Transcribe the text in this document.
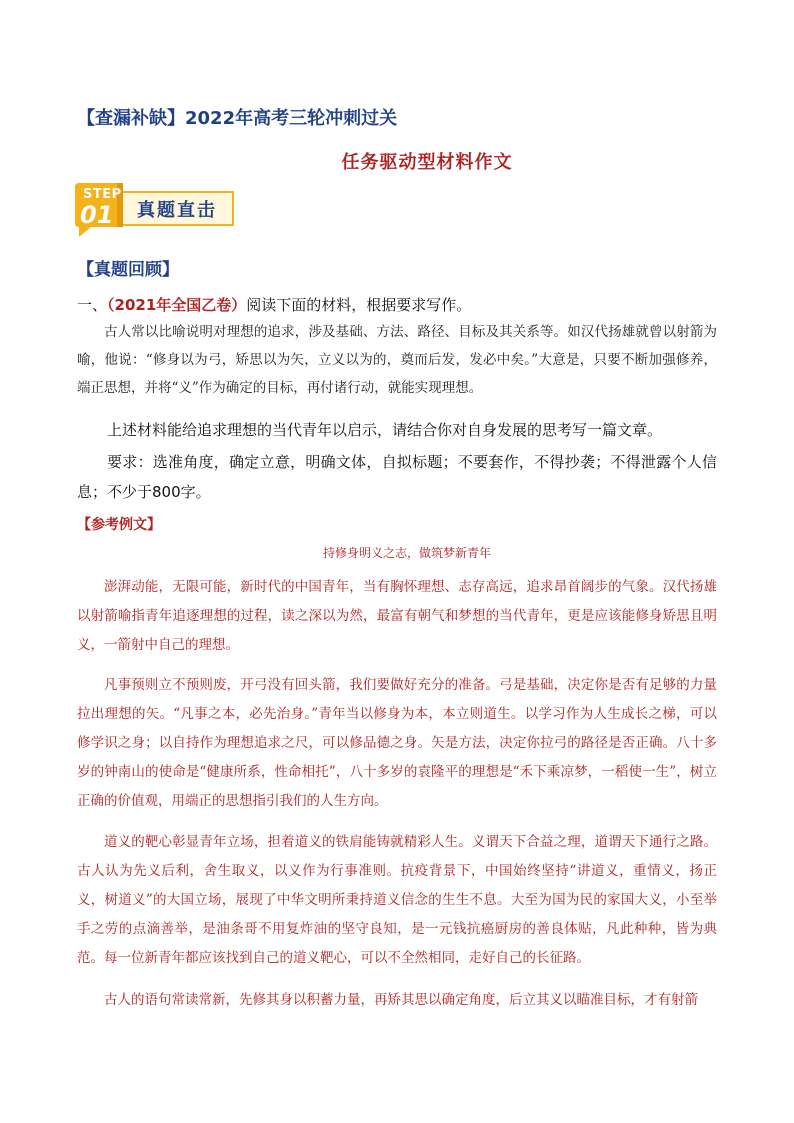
【查漏补缺】2022年高考三轮冲刺过关
任务驱动型材料作文
STEP
01 真题直击
【真题回顾】
一、（2021年全国乙卷）阅读下面的材料，根据要求写作。

古人常以比喻说明对理想的追求，涉及基础、方法、路径、目标及其关系等。如汉代扬雄就曾以射箭为喻，他说：“修身以为弓，矫思以为矢，立义以为的，奠而后发，发必中矣。”大意是，只要不断加强修养，端正思想，并将“义”作为确定的目标，再付诸行动，就能实现理想。

上述材料能给追求理想的当代青年以启示，请结合你对自身发展的思考写一篇文章。

要求：选准角度，确定立意，明确文体，自拟标题；不要套作，不得抄袭；不得泄露个人信息；不少于800字。

【参考例文】
持修身明义之志，做筑梦新青年

澎湃动能，无限可能，新时代的中国青年，当有胸怀理想、志存高远，追求昂首阔步的气象。汉代扬雄以射箭喻指青年追逐理想的过程，读之深以为然，最富有朝气和梦想的当代青年，更是应该能修身矫思且明义，一箭射中自己的理想。

凡事预则立不预则废，开弓没有回头箭，我们要做好充分的准备。弓是基础，决定你是否有足够的力量拉出理想的矢。“凡事之本，必先治身。”青年当以修身为本，本立则道生。以学习作为人生成长之梯，可以修学识之身；以自持作为理想追求之尺，可以修品德之身。矢是方法，决定你拉弓的路径是否正确。八十多岁的钟南山的使命是“健康所系，性命相托”，八十多岁的袁隆平的理想是“禾下乘凉梦，一稻使一生”，树立正确的价值观，用端正的思想指引我们的人生方向。

道义的靶心彰显青年立场，担着道义的铁肩能铸就精彩人生。义谓天下合益之理，道谓天下通行之路。古人认为先义后利，舍生取义，以义作为行事准则。抗疫背景下，中国始终坚持“讲道义，重情义，扬正义，树道义”的大国立场，展现了中华文明所秉持道义信念的生生不息。大至为国为民的家国大义，小至举手之劳的点滴善举，是油条哥不用复炸油的坚守良知，是一元钱抗癌厨房的善良体贴，凡此种种，皆为典范。每一位新青年都应该找到自己的道义靶心，可以不全然相同，走好自己的长征路。

古人的语句常读常新，先修其身以积蓄力量，再矫其思以确定角度，后立其义以瞄准目标，才有射箭
